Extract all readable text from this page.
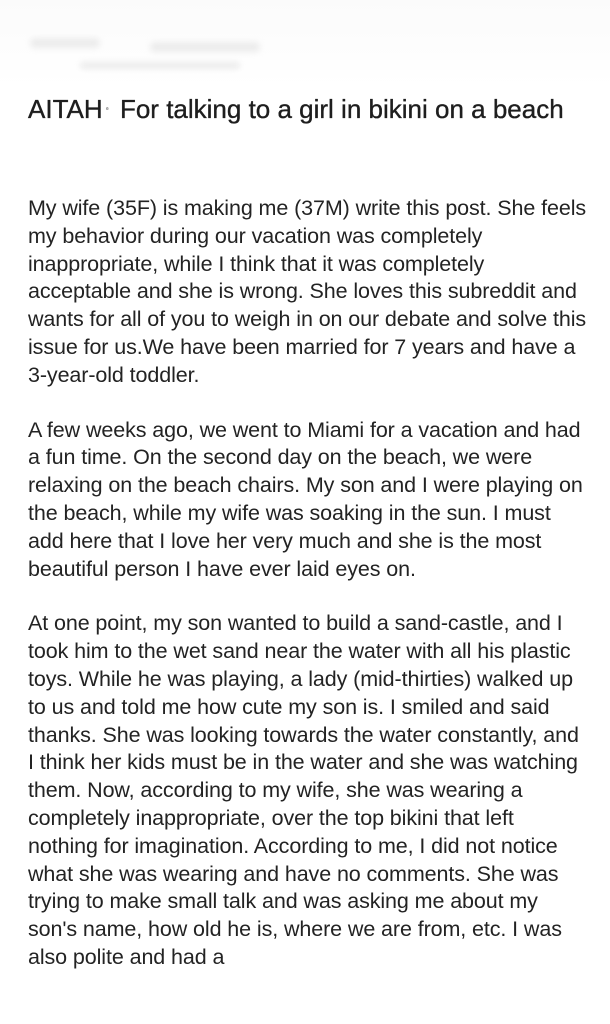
AITAH · For talking to a girl in bikini on a beach

My wife (35F) is making me (37M) write this post. She feels my behavior during our vacation was completely inappropriate, while I think that it was completely acceptable and she is wrong. She loves this subreddit and wants for all of you to weigh in on our debate and solve this issue for us.We have been married for 7 years and have a 3-year-old toddler.

A few weeks ago, we went to Miami for a vacation and had a fun time. On the second day on the beach, we were relaxing on the beach chairs. My son and I were playing on the beach, while my wife was soaking in the sun. I must add here that I love her very much and she is the most beautiful person I have ever laid eyes on.

At one point, my son wanted to build a sand-castle, and I took him to the wet sand near the water with all his plastic toys. While he was playing, a lady (mid-thirties) walked up to us and told me how cute my son is. I smiled and said thanks. She was looking towards the water constantly, and I think her kids must be in the water and she was watching them. Now, according to my wife, she was wearing a completely inappropriate, over the top bikini that left nothing for imagination. According to me, I did not notice what she was wearing and have no comments. She was trying to make small talk and was asking me about my son's name, how old he is, where we are from, etc. I was also polite and had a
